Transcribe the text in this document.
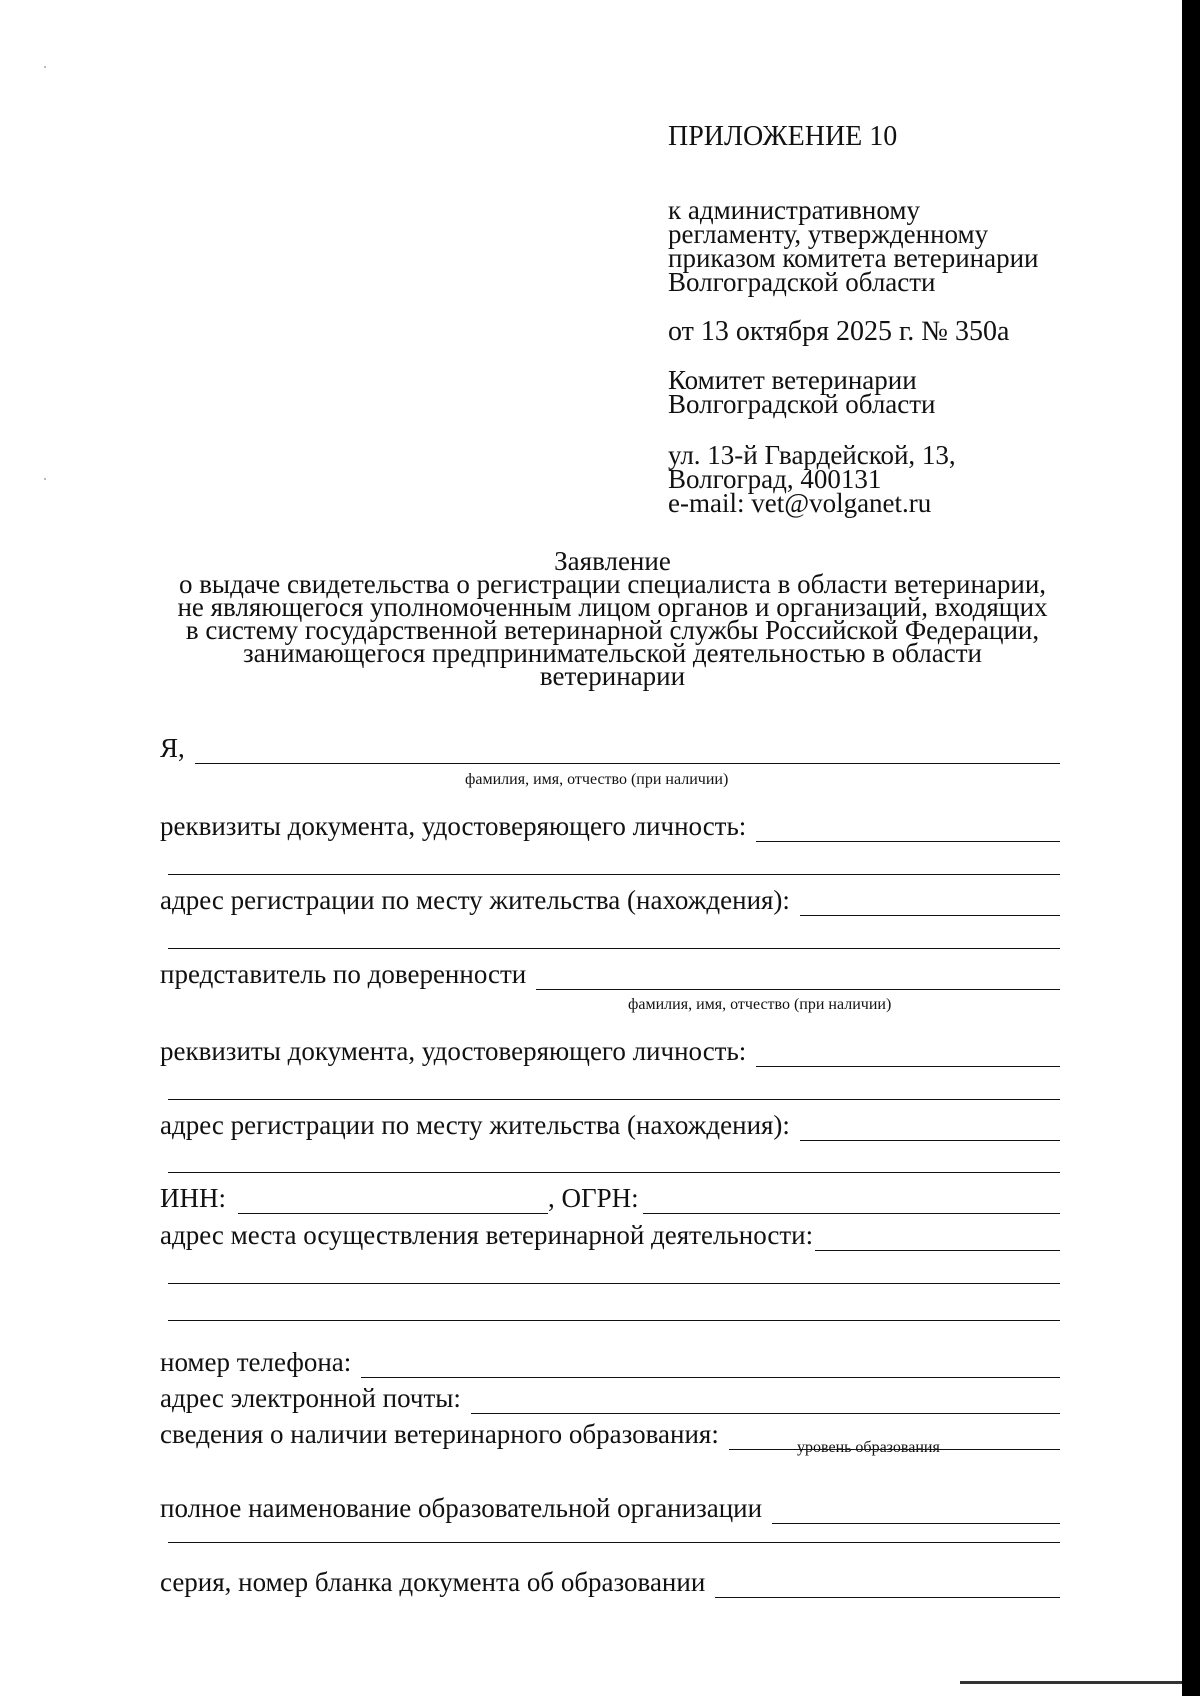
ПРИЛОЖЕНИЕ 10
к административному
регламенту, утвержденному
приказом комитета ветеринарии
Волгоградской области
от 13 октября 2025 г. № 350а
Комитет ветеринарии
Волгоградской области
ул. 13-й Гвардейской, 13,
Волгоград, 400131
e-mail: vet@volganet.ru
Заявление
о выдаче свидетельства о регистрации специалиста в области ветеринарии,
не являющегося уполномоченным лицом органов и организаций, входящих
в систему государственной ветеринарной службы Российской Федерации,
занимающегося предпринимательской деятельностью в области
ветеринарии
Я,
фамилия, имя, отчество (при наличии)
реквизиты документа, удостоверяющего личность:
адрес регистрации по месту жительства (нахождения):
представитель по доверенности
фамилия, имя, отчество (при наличии)
реквизиты документа, удостоверяющего личность:
адрес регистрации по месту жительства (нахождения):
ИНН:	, ОГРН:
адрес места осуществления ветеринарной деятельности:
номер телефона:
адрес электронной почты:
сведения о наличии ветеринарного образования:	уровень образования
полное наименование образовательной организации
серия, номер бланка документа об образовании
